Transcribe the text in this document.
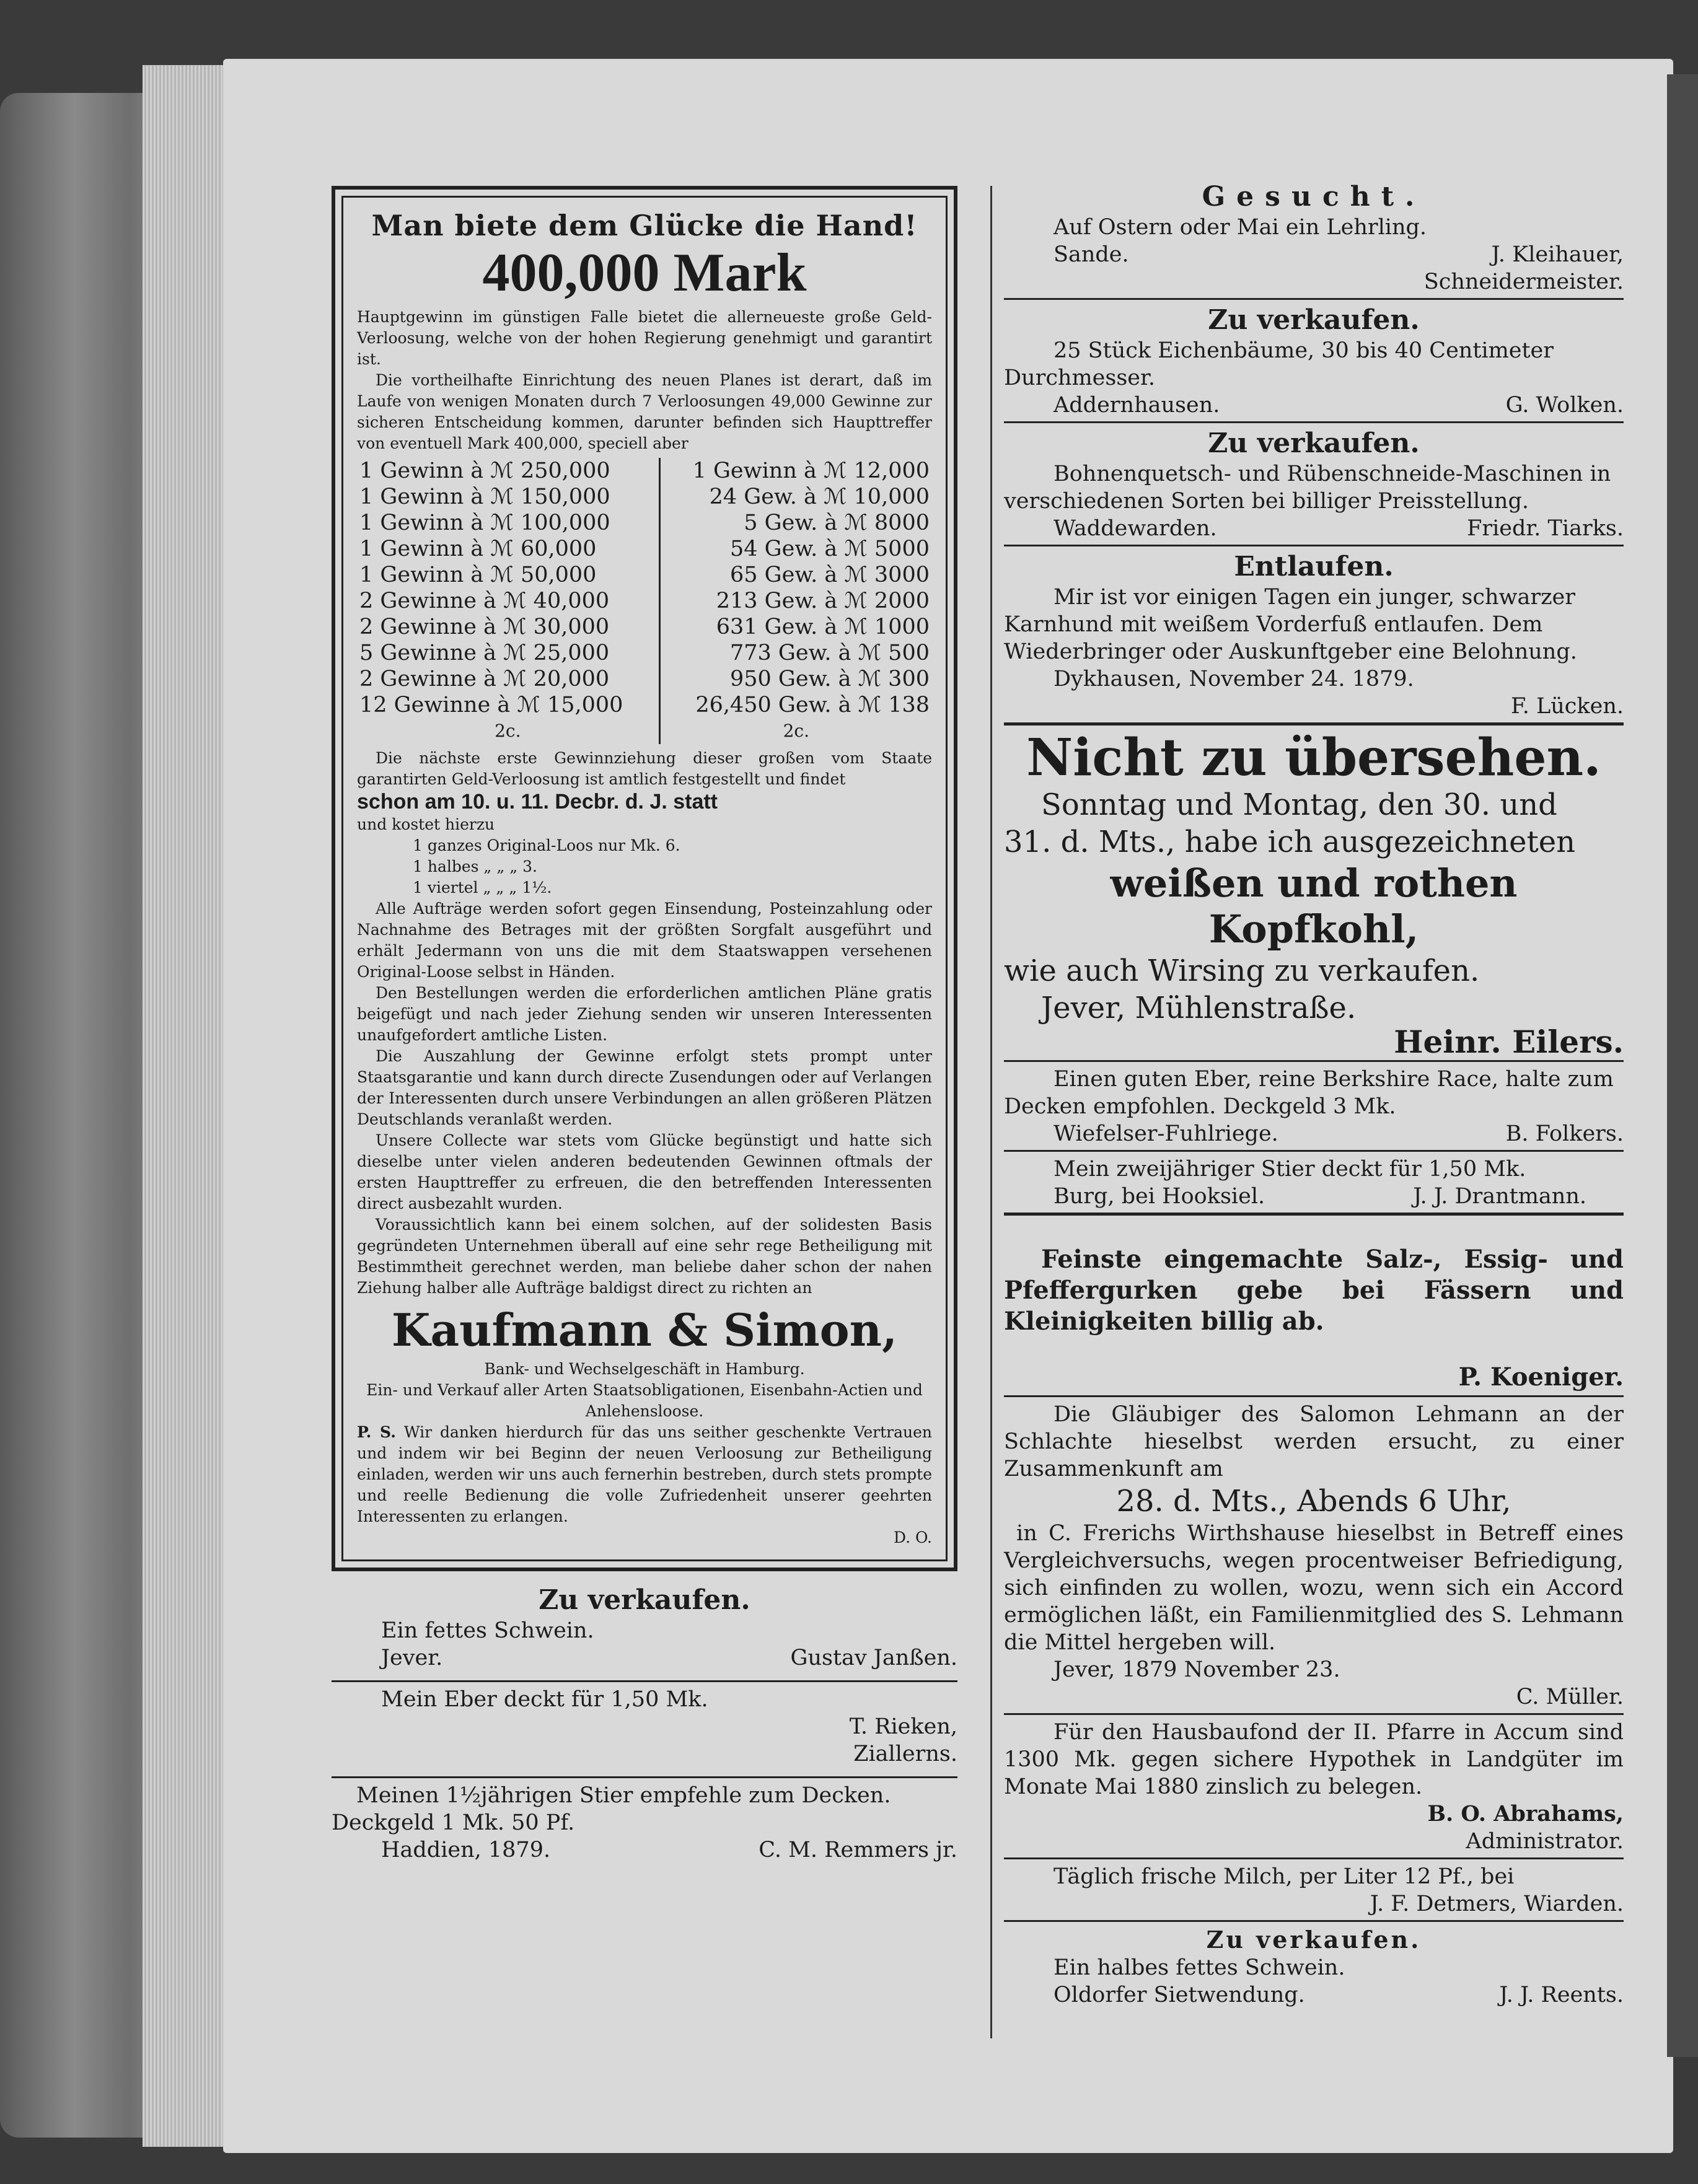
Man biete dem Glücke die Hand!
400,000 Mark

Hauptgewinn im günstigen Falle bietet die allerneueste große Geld-Verloosung, welche von der hohen Regierung genehmigt und garantirt ist.

Die vortheilhafte Einrichtung des neuen Planes ist derart, daß im Laufe von wenigen Monaten durch 7 Verloosungen 49,000 Gewinne zur sicheren Entscheidung kommen, darunter befinden sich Haupttreffer von eventuell Mark 400,000, speciell aber

1 Gewinn à ℳ 250,000	1 Gewinn à ℳ 12,000
1 Gewinn à ℳ 150,000	24 Gew. à ℳ 10,000
1 Gewinn à ℳ 100,000	5 Gew. à ℳ 8000
1 Gewinn à ℳ 60,000	54 Gew. à ℳ 5000
1 Gewinn à ℳ 50,000	65 Gew. à ℳ 3000
2 Gewinne à ℳ 40,000	213 Gew. à ℳ 2000
2 Gewinne à ℳ 30,000	631 Gew. à ℳ 1000
5 Gewinne à ℳ 25,000	773 Gew. à ℳ 500
2 Gewinne à ℳ 20,000	950 Gew. à ℳ 300
12 Gewinne à ℳ 15,000	26,450 Gew. à ℳ 138
2c.	2c.

Die nächste erste Gewinnziehung dieser großen vom Staate garantirten Geld-Verloosung ist amtlich festgestellt und findet

schon am 10. u. 11. Decbr. d. J. statt

und kostet hierzu

1 ganzes Original-Loos nur Mk. 6.

1 halbes „ „ „ 3.

1 viertel „ „ „ 1½.

Alle Aufträge werden sofort gegen Einsendung, Posteinzahlung oder Nachnahme des Betrages mit der größten Sorgfalt ausgeführt und erhält Jedermann von uns die mit dem Staatswappen versehenen Original-Loose selbst in Händen.

Den Bestellungen werden die erforderlichen amtlichen Pläne gratis beigefügt und nach jeder Ziehung senden wir unseren Interessenten unaufgefordert amtliche Listen.

Die Auszahlung der Gewinne erfolgt stets prompt unter Staatsgarantie und kann durch directe Zusendungen oder auf Verlangen der Interessenten durch unsere Verbindungen an allen größeren Plätzen Deutschlands veranlaßt werden.

Unsere Collecte war stets vom Glücke begünstigt und hatte sich dieselbe unter vielen anderen bedeutenden Gewinnen oftmals der ersten Haupttreffer zu erfreuen, die den betreffenden Interessenten direct ausbezahlt wurden.

Voraussichtlich kann bei einem solchen, auf der solidesten Basis gegründeten Unternehmen überall auf eine sehr rege Betheiligung mit Bestimmtheit gerechnet werden, man beliebe daher schon der nahen Ziehung halber alle Aufträge baldigst direct zu richten an

Kaufmann & Simon,

Bank- und Wechselgeschäft in Hamburg.

Ein- und Verkauf aller Arten Staatsobligationen, Eisenbahn-Actien und Anlehensloose.

P. S. Wir danken hierdurch für das uns seither geschenkte Vertrauen und indem wir bei Beginn der neuen Verloosung zur Betheiligung einladen, werden wir uns auch fernerhin bestreben, durch stets prompte und reelle Bedienung die volle Zufriedenheit unserer geehrten Interessenten zu erlangen.

D. O.

Zu verkaufen.

Ein fettes Schwein.

Jever.	Gustav Janßen.

Mein Eber deckt für 1,50 Mk.

T. Rieken,

Ziallerns.

Meinen 1½jährigen Stier empfehle zum Decken.

Deckgeld 1 Mk. 50 Pf.

Haddien, 1879.	C. M. Remmers jr.
Gesucht.

Auf Ostern oder Mai ein Lehrling.

Sande.	J. Kleihauer,

Schneidermeister.

Zu verkaufen.

25 Stück Eichenbäume, 30 bis 40 Centimeter Durchmesser.

Addernhausen.	G. Wolken.
Zu verkaufen.

Bohnenquetsch- und Rübenschneide-Maschinen in verschiedenen Sorten bei billiger Preisstellung.

Waddewarden.	Friedr. Tiarks.
Entlaufen.

Mir ist vor einigen Tagen ein junger, schwarzer Karnhund mit weißem Vorderfuß entlaufen. Dem Wiederbringer oder Auskunftgeber eine Belohnung.

Dykhausen, November 24. 1879.

F. Lücken.

Nicht zu übersehen.
Sonntag und Montag, den 30. und
31. d. Mts., habe ich ausgezeichneten
weißen und rothen
Kopfkohl,
wie auch Wirsing zu verkaufen.
Jever, Mühlenstraße.
Heinr. Eilers.

Einen guten Eber, reine Berkshire Race, halte zum Decken empfohlen. Deckgeld 3 Mk.

Wiefelser-Fuhlriege.	B. Folkers.

Mein zweijähriger Stier deckt für 1,50 Mk.

Burg, bei Hooksiel.	J. J. Drantmann.

Feinste eingemachte Salz-, Essig- und Pfeffergurken gebe bei Fässern und Kleinigkeiten billig ab.

P. Koeniger.

Die Gläubiger des Salomon Lehmann an der Schlachte hieselbst werden ersucht, zu einer Zusammenkunft am

28. d. Mts., Abends 6 Uhr,

in C. Frerichs Wirthshause hieselbst in Betreff eines Vergleichversuchs, wegen procentweiser Befriedigung, sich einfinden zu wollen, wozu, wenn sich ein Accord ermöglichen läßt, ein Familienmitglied des S. Lehmann die Mittel hergeben will.

Jever, 1879 November 23.

C. Müller.

Für den Hausbaufond der II. Pfarre in Accum sind 1300 Mk. gegen sichere Hypothek in Landgüter im Monate Mai 1880 zinslich zu belegen.

B. O. Abrahams,

Administrator.

Täglich frische Milch, per Liter 12 Pf., bei

J. F. Detmers, Wiarden.

Zu verkaufen.

Ein halbes fettes Schwein.

Oldorfer Sietwendung.	J. J. Reents.
